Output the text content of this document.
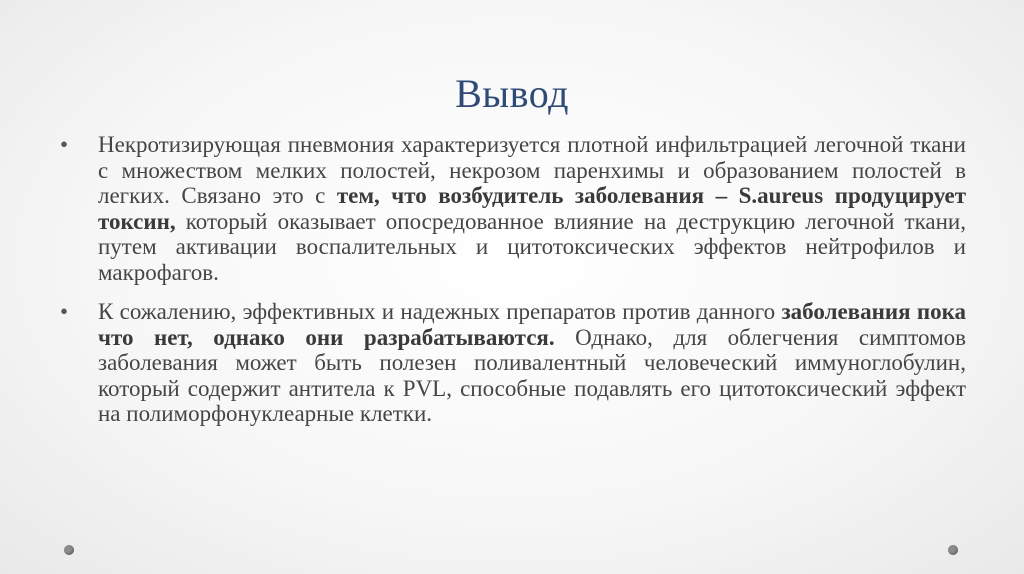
Вывод
• Некротизирующая пневмония характеризуется плотной инфильтрацией легочной ткани с множеством мелких полостей, некрозом паренхимы и образованием полостей в легких. Связано это с тем, что возбудитель заболевания – S.aureus продуцирует токсин, который оказывает опосредованное влияние на деструкцию легочной ткани, путем активации воспалительных и цитотоксических эффектов нейтрофилов и макрофагов.
• К сожалению, эффективных и надежных препаратов против данного заболевания пока что нет, однако они разрабатываются. Однако, для облегчения симптомов заболевания может быть полезен поливалентный человеческий иммуноглобулин, который содержит антитела к PVL, способные подавлять его цитотоксический эффект на полиморфонуклеарные клетки.
